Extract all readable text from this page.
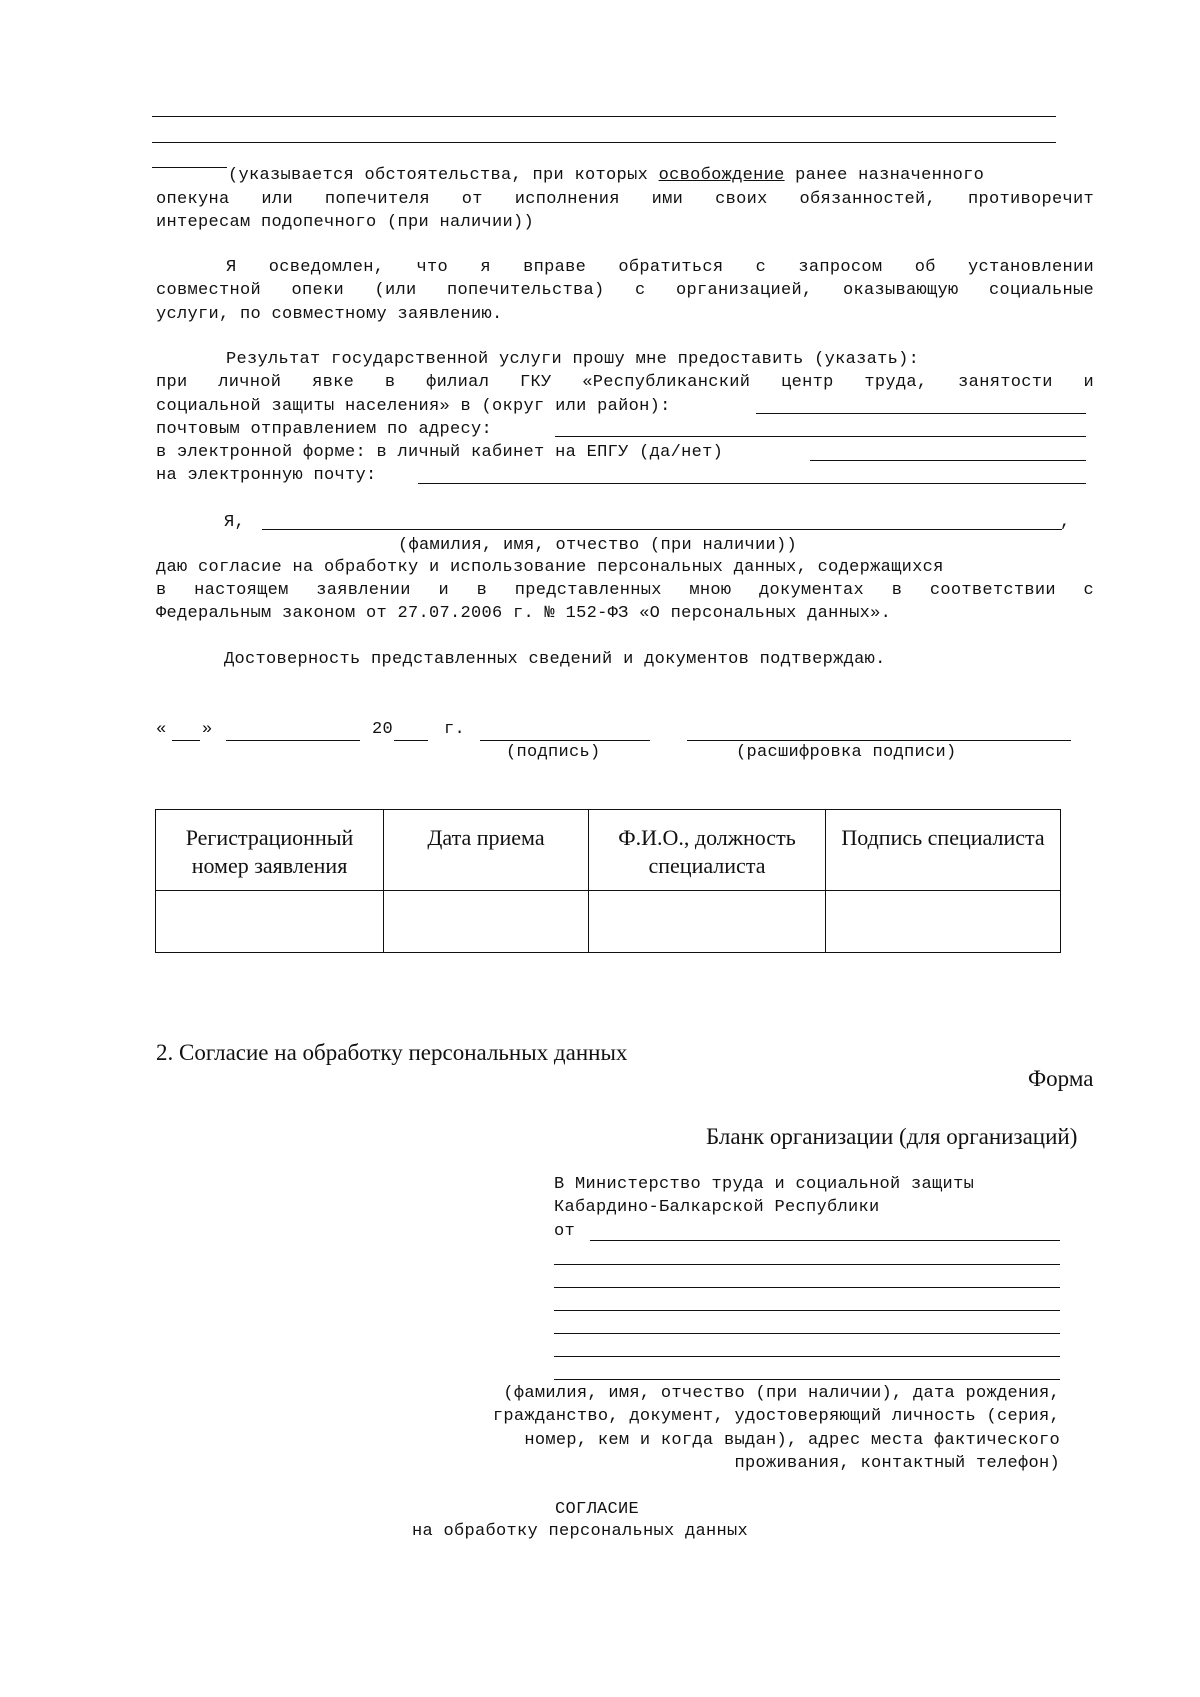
(указывается обстоятельства, при которых освобождение ранее назначенного
опекуна или попечителя от исполнения ими своих обязанностей, противоречит
интересам подопечного (при наличии))
Я осведомлен, что я вправе обратиться с запросом об установлении
совместной опеки (или попечительства) с организацией, оказывающую социальные
услуги, по совместному заявлению.
Результат государственной услуги прошу мне предоставить (указать):
при личной явке в филиал ГКУ «Республиканский центр труда, занятости и
социальной защиты населения» в (округ или район):
почтовым отправлением по адресу:
в электронной форме: в личный кабинет на ЕПГУ (да/нет)
на электронную почту:
Я,	,
(фамилия, имя, отчество (при наличии))
даю согласие на обработку и использование персональных данных, содержащихся
в настоящем заявлении и в представленных мною документах в соответствии с
Федеральным законом от 27.07.2006 г. № 152-ФЗ «О персональных данных».
Достоверность представленных сведений и документов подтверждаю.
« »	20	г.
(подпись)	(расшифровка подписи)
Регистрационный номер заявления	Дата приема	Ф.И.О., должность специалиста	Подпись специалиста

2. Согласие на обработку персональных данных
Форма
Бланк организации (для организаций)
В Министерство труда и социальной защиты
Кабардино-Балкарской Республики
от
(фамилия, имя, отчество (при наличии), дата рождения,
гражданство, документ, удостоверяющий личность (серия,
номер, кем и когда выдан), адрес места фактического
проживания, контактный телефон)
СОГЛАСИЕ
на обработку персональных данных
